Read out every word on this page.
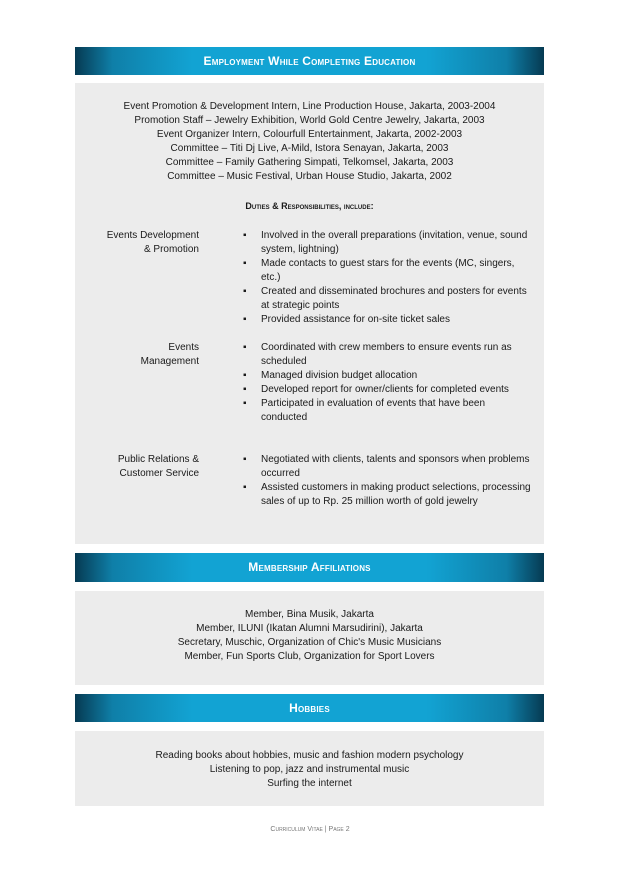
Employment While Completing Education
Event Promotion & Development Intern, Line Production House, Jakarta, 2003-2004
Promotion Staff – Jewelry Exhibition, World Gold Centre Jewelry, Jakarta, 2003
Event Organizer Intern, Colourfull Entertainment, Jakarta, 2002-2003
Committee – Titi Dj Live, A-Mild, Istora Senayan, Jakarta, 2003
Committee – Family Gathering Simpati, Telkomsel, Jakarta, 2003
Committee – Music Festival, Urban House Studio, Jakarta, 2002
Duties & Responsibilities, include:
Events Development
& Promotion
▪	Involved in the overall preparations (invitation, venue, sound system, lightning)
▪	Made contacts to guest stars for the events (MC, singers, etc.)
▪	Created and disseminated brochures and posters for events at strategic points
▪	Provided assistance for on-site ticket sales
Events
Management
▪	Coordinated with crew members to ensure events run as scheduled
▪	Managed division budget allocation
▪	Developed report for owner/clients for completed events
▪	Participated in evaluation of events that have been conducted
Public Relations &
Customer Service
▪	Negotiated with clients, talents and sponsors when problems occurred
▪	Assisted customers in making product selections, processing sales of up to Rp. 25 million worth of gold jewelry
Membership Affiliations
Member, Bina Musik, Jakarta
Member, ILUNI (Ikatan Alumni Marsudirini), Jakarta
Secretary, Muschic, Organization of Chic's Music Musicians
Member, Fun Sports Club, Organization for Sport Lovers
Hobbies
Reading books about hobbies, music and fashion modern psychology
Listening to pop, jazz and instrumental music
Surfing the internet
Curriculum Vitae | Page 2
